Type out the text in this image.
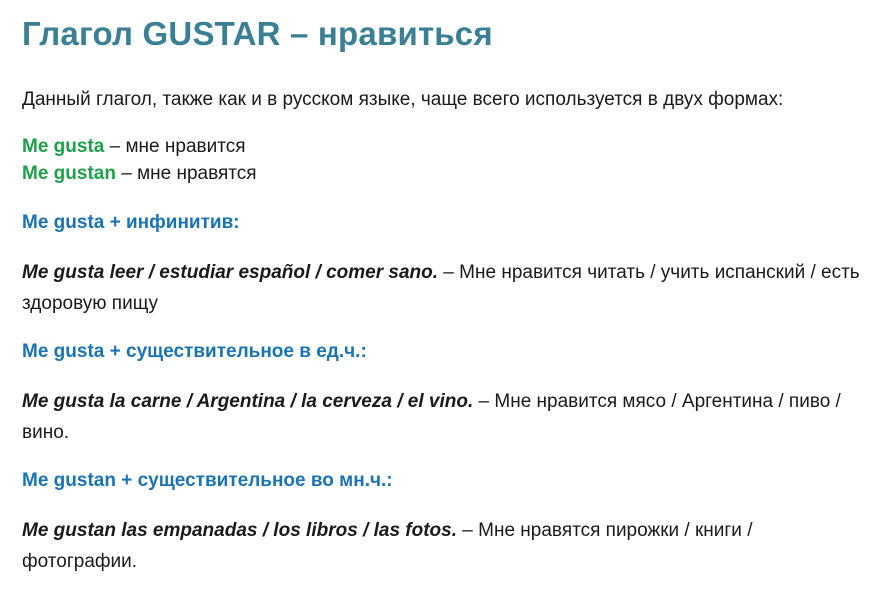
Глагол GUSTAR – нравиться

Данный глагол, также как и в русском языке, чаще всего используется в двух формах:

Me gusta – мне нравится
Me gustan – мне нравятся

Me gusta + инфинитив:

Me gusta leer / estudiar español / comer sano. – Мне нравится читать / учить испанский / есть здоровую пищу

Me gusta + существительное в ед.ч.:

Me gusta la carne / Argentina / la cerveza / el vino. – Мне нравится мясо / Аргентина / пиво / вино.

Me gustan + существительное во мн.ч.:

Me gustan las empanadas / los libros / las fotos. – Мне нравятся пирожки / книги / фотографии.
